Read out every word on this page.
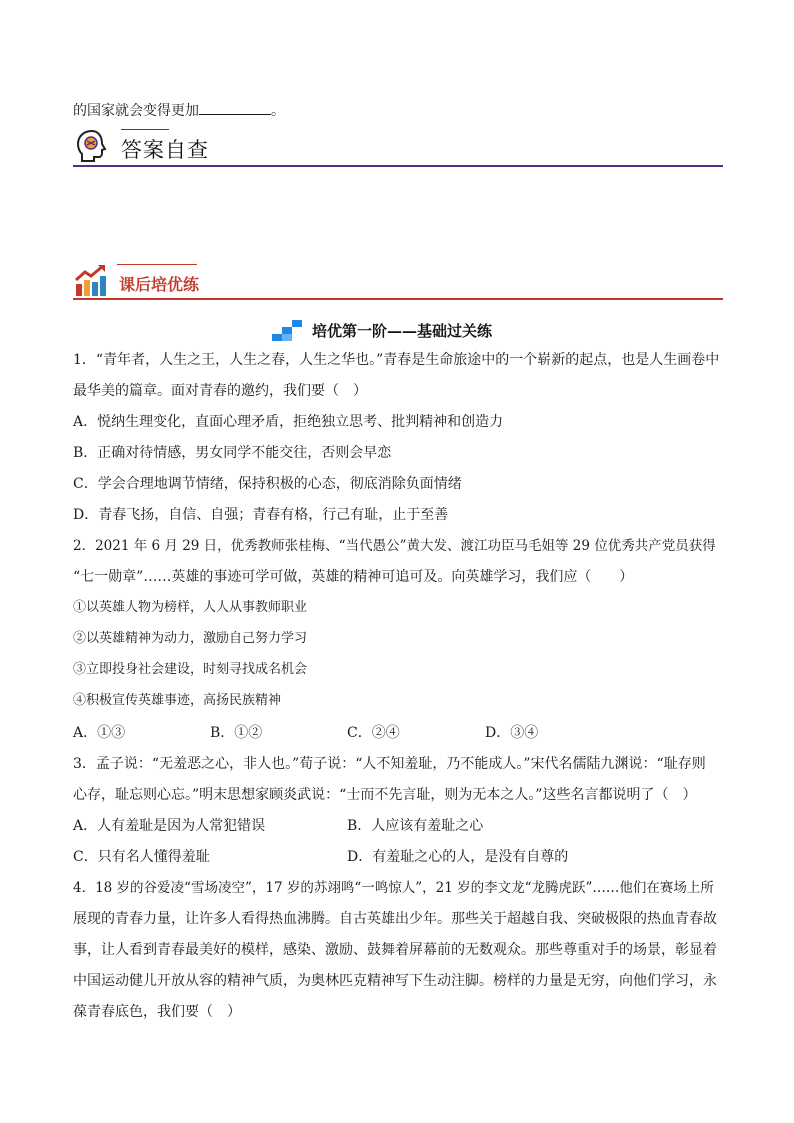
的国家就会变得更加	。
答案自查
课后培优练
培优第一阶——基础过关练
1．“青年者，人生之王，人生之春，人生之华也。”青春是生命旅途中的一个崭新的起点，也是人生画卷中
最华美的篇章。面对青春的邀约，我们要（　）
A．悦纳生理变化，直面心理矛盾，拒绝独立思考、批判精神和创造力
B．正确对待情感，男女同学不能交往，否则会早恋
C．学会合理地调节情绪，保持积极的心态，彻底消除负面情绪
D．青春飞扬，自信、自强；青春有格，行己有耻，止于至善
2．2021 年 6 月 29 日，优秀教师张桂梅、“当代愚公”黄大发、渡江功臣马毛姐等 29 位优秀共产党员获得
“七一勋章”……英雄的事迹可学可做，英雄的精神可追可及。向英雄学习，我们应（　　）
①以英雄人物为榜样，人人从事教师职业
②以英雄精神为动力，激励自己努力学习
③立即投身社会建设，时刻寻找成名机会
④积极宣传英雄事迹，高扬民族精神
A．①③	B．①②	C．②④	D．③④
3．孟子说：“无羞恶之心，非人也。”荀子说：“人不知羞耻，乃不能成人。”宋代名儒陆九渊说：“耻存则
心存，耻忘则心忘。”明末思想家顾炎武说：“士而不先言耻，则为无本之人。”这些名言都说明了（　）
A．人有羞耻是因为人常犯错误	B．人应该有羞耻之心
C．只有名人懂得羞耻	D．有羞耻之心的人，是没有自尊的
4．18 岁的谷爱凌“雪场凌空”，17 岁的苏翊鸣“一鸣惊人”，21 岁的李文龙“龙腾虎跃”……他们在赛场上所
展现的青春力量，让许多人看得热血沸腾。自古英雄出少年。那些关于超越自我、突破极限的热血青春故
事，让人看到青春最美好的模样，感染、激励、鼓舞着屏幕前的无数观众。那些尊重对手的场景，彰显着
中国运动健儿开放从容的精神气质，为奥林匹克精神写下生动注脚。榜样的力量是无穷，向他们学习，永
葆青春底色，我们要（　）
